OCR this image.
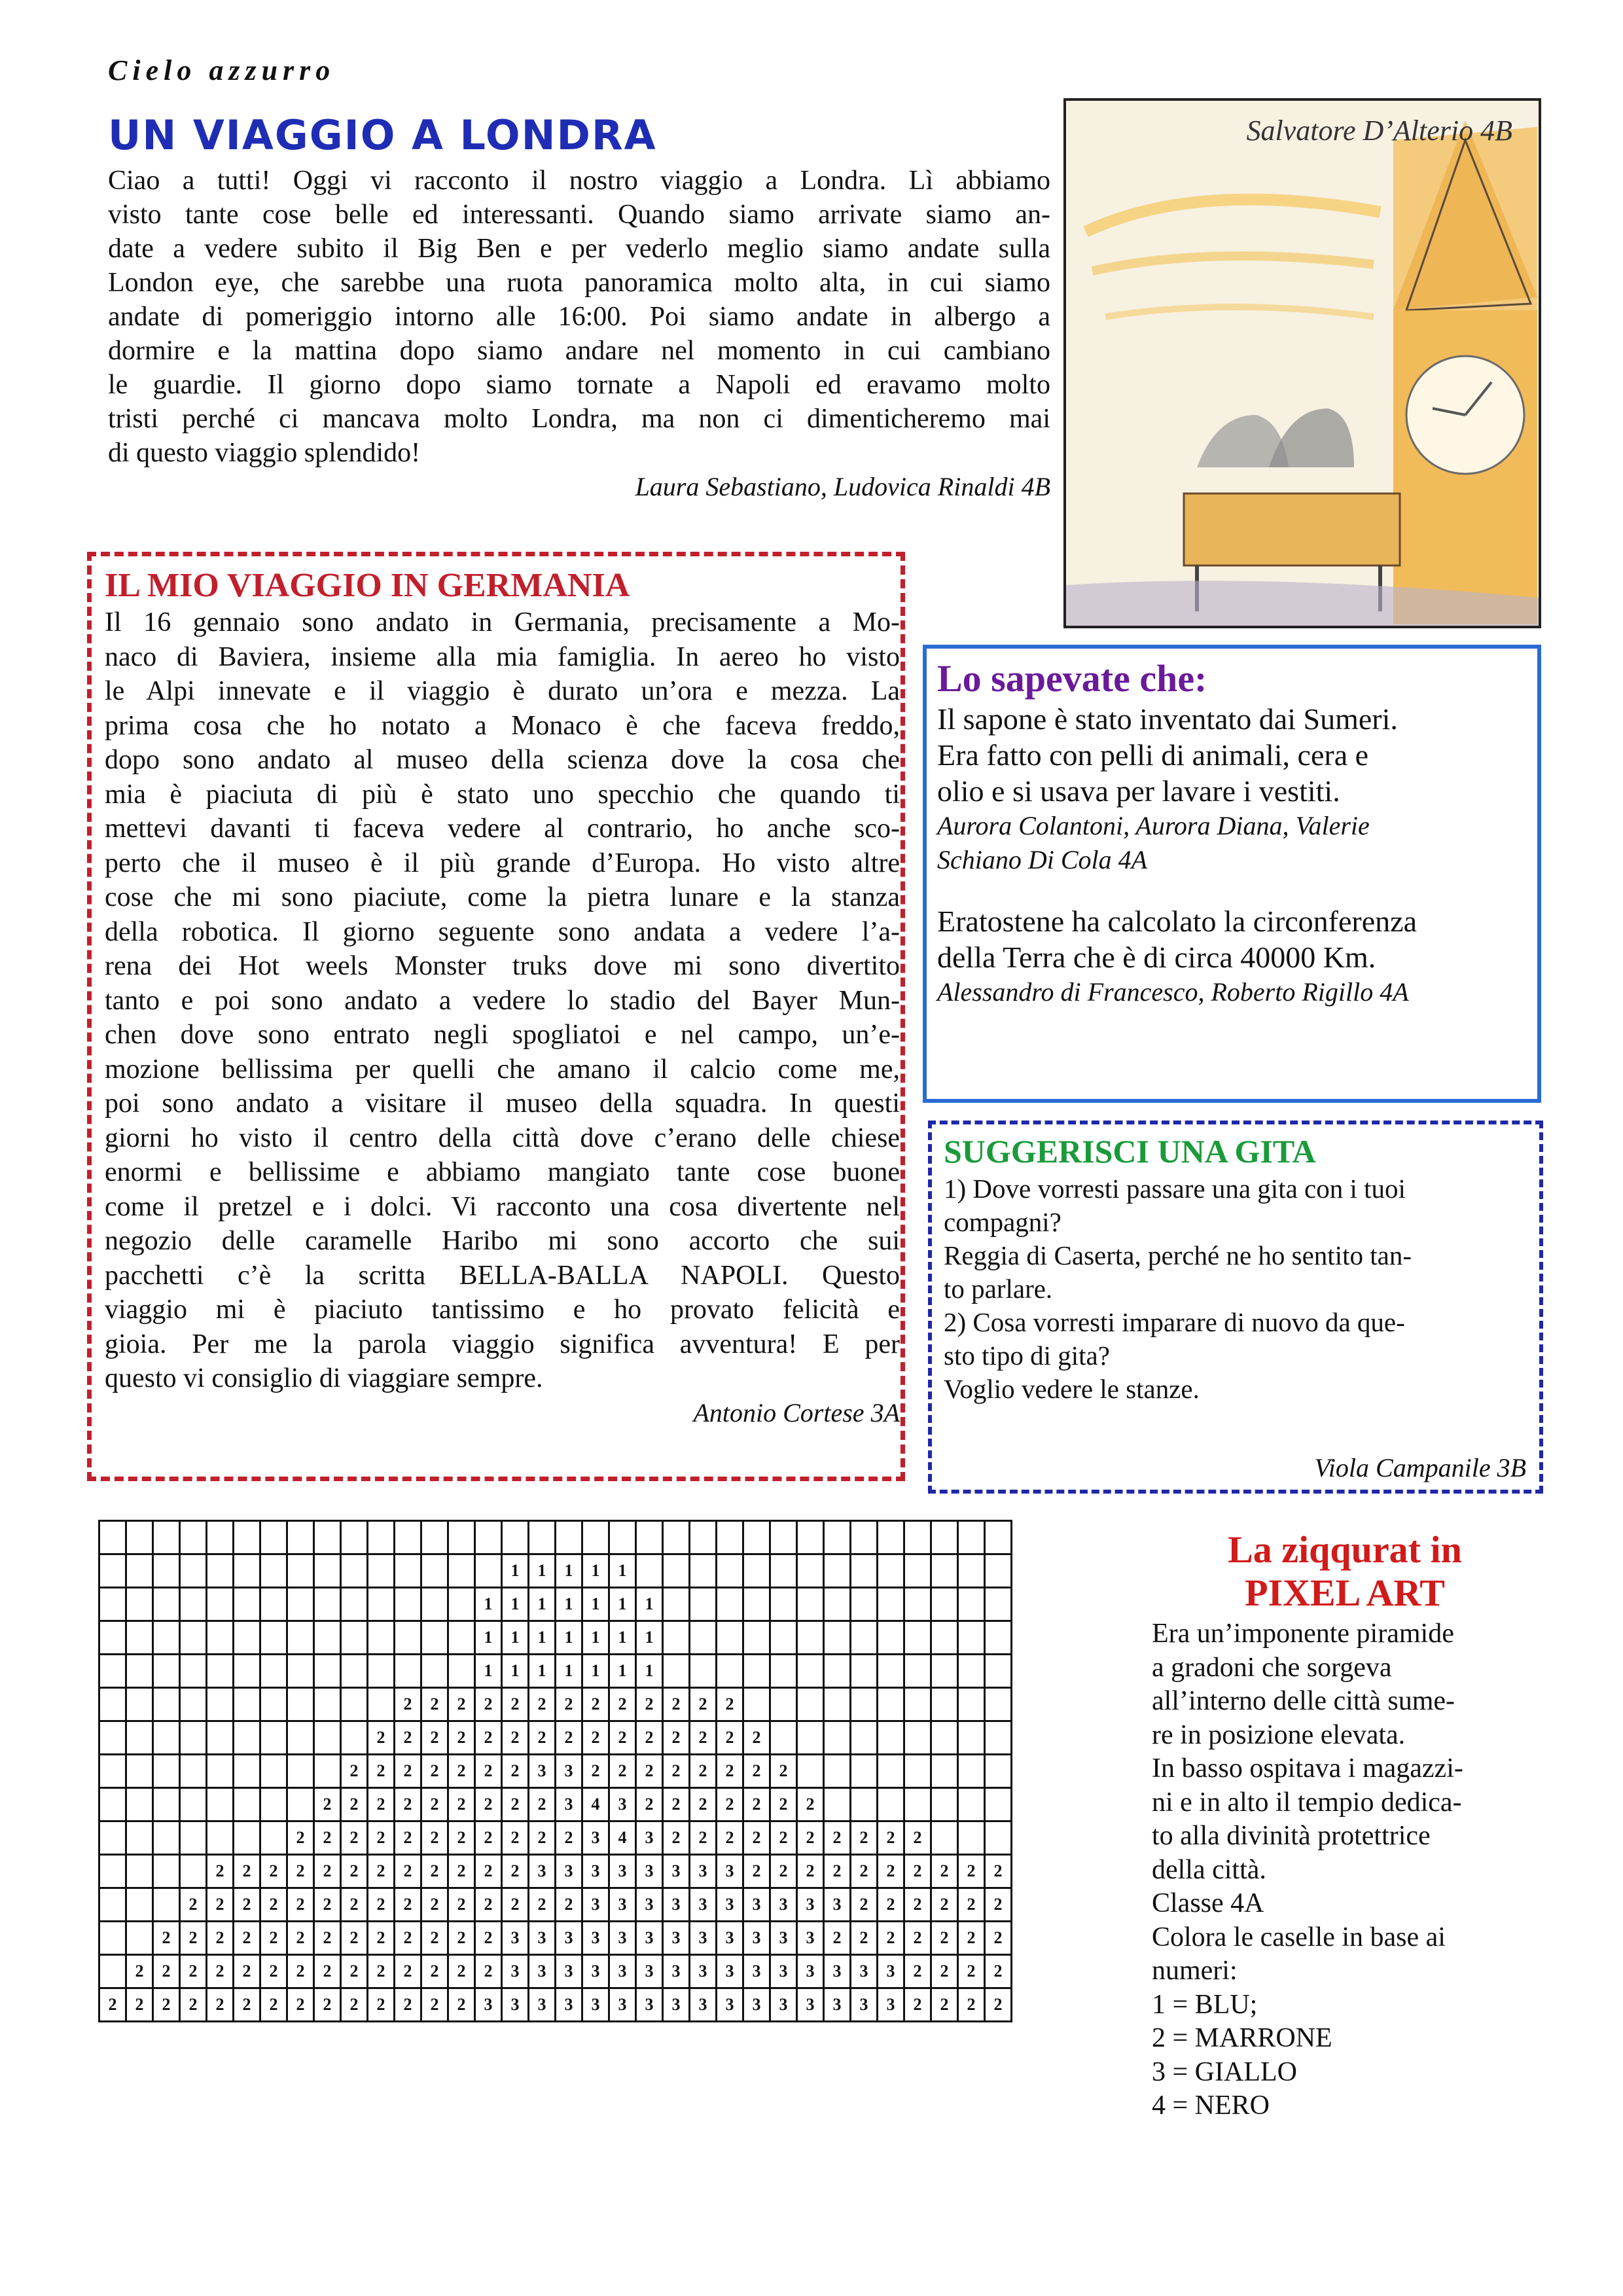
Cielo azzurro
UN VIAGGIO A LONDRA
Ciao a tutti! Oggi vi racconto il nostro viaggio a Londra. Lì abbiamo
visto tante cose belle ed interessanti. Quando siamo arrivate siamo an-
date a vedere subito il Big Ben e per vederlo meglio siamo andate sulla
London eye, che sarebbe una ruota panoramica molto alta, in cui siamo
andate di pomeriggio intorno alle 16:00. Poi siamo andate in albergo a
dormire e la mattina dopo siamo andare nel momento in cui cambiano
le guardie. Il giorno dopo siamo tornate a Napoli ed eravamo molto
tristi perché ci mancava molto Londra, ma non ci dimenticheremo mai
di questo viaggio splendido!
Laura Sebastiano, Ludovica Rinaldi 4B
Salvatore D’Alterio 4B
IL MIO VIAGGIO IN GERMANIA
Il 16 gennaio sono andato in Germania, precisamente a Mo-
naco di Baviera, insieme alla mia famiglia. In aereo ho visto
le Alpi innevate e il viaggio è durato un’ora e mezza. La
prima cosa che ho notato a Monaco è che faceva freddo,
dopo sono andato al museo della scienza dove la cosa che
mia è piaciuta di più è stato uno specchio che quando ti
mettevi davanti ti faceva vedere al contrario, ho anche sco-
perto che il museo è il più grande d’Europa. Ho visto altre
cose che mi sono piaciute, come la pietra lunare e la stanza
della robotica. Il giorno seguente sono andata a vedere l’a-
rena dei Hot weels Monster truks dove mi sono divertito
tanto e poi sono andato a vedere lo stadio del Bayer Mun-
chen dove sono entrato negli spogliatoi e nel campo, un’e-
mozione bellissima per quelli che amano il calcio come me,
poi sono andato a visitare il museo della squadra. In questi
giorni ho visto il centro della città dove c’erano delle chiese
enormi e bellissime e abbiamo mangiato tante cose buone
come il pretzel e i dolci. Vi racconto una cosa divertente nel
negozio delle caramelle Haribo mi sono accorto che sui
pacchetti c’è la scritta BELLA-BALLA NAPOLI. Questo
viaggio mi è piaciuto tantissimo e ho provato felicità e
gioia. Per me la parola viaggio significa avventura! E per
questo vi consiglio di viaggiare sempre.
Antonio Cortese 3A
Lo sapevate che:
Il sapone è stato inventato dai Sumeri.
Era fatto con pelli di animali, cera e
olio e si usava per lavare i vestiti.
Aurora Colantoni, Aurora Diana, Valerie
Schiano Di Cola 4A
Eratostene ha calcolato la circonferenza
della Terra che è di circa 40000 Km.
Alessandro di Francesco, Roberto Rigillo 4A
SUGGERISCI UNA GITA
1) Dove vorresti passare una gita con i tuoi
compagni?
Reggia di Caserta, perché ne ho sentito tan-
to parlare.
2) Cosa vorresti imparare di nuovo da que-
sto tipo di gita?
Voglio vedere le stanze.
Viola Campanile 3B

															1	1	1	1	1														
														1	1	1	1	1	1	1													
														1	1	1	1	1	1	1													
														1	1	1	1	1	1	1													
											2	2	2	2	2	2	2	2	2	2	2	2	2										
										2	2	2	2	2	2	2	2	2	2	2	2	2	2	2									
									2	2	2	2	2	2	2	3	3	2	2	2	2	2	2	2	2								
								2	2	2	2	2	2	2	2	2	3	4	3	2	2	2	2	2	2	2							
							2	2	2	2	2	2	2	2	2	2	2	3	4	3	2	2	2	2	2	2	2	2	2	2			
				2	2	2	2	2	2	2	2	2	2	2	2	3	3	3	3	3	3	3	3	2	2	2	2	2	2	2	2	2	2
			2	2	2	2	2	2	2	2	2	2	2	2	2	2	2	3	3	3	3	3	3	3	3	3	3	2	2	2	2	2	2
		2	2	2	2	2	2	2	2	2	2	2	2	2	3	3	3	3	3	3	3	3	3	3	3	3	2	2	2	2	2	2	2
	2	2	2	2	2	2	2	2	2	2	2	2	2	2	3	3	3	3	3	3	3	3	3	3	3	3	3	3	3	2	2	2	2
2	2	2	2	2	2	2	2	2	2	2	2	2	2	3	3	3	3	3	3	3	3	3	3	3	3	3	3	3	3	2	2	2	2
La ziqqurat in
PIXEL ART
Era un’imponente piramide
a gradoni che sorgeva
all’interno delle città sume-
re in posizione elevata.
In basso ospitava i magazzi-
ni e in alto il tempio dedica-
to alla divinità protettrice
della città.
Classe 4A
Colora le caselle in base ai
numeri:
1 = BLU;
2 = MARRONE
3 = GIALLO
4 = NERO
